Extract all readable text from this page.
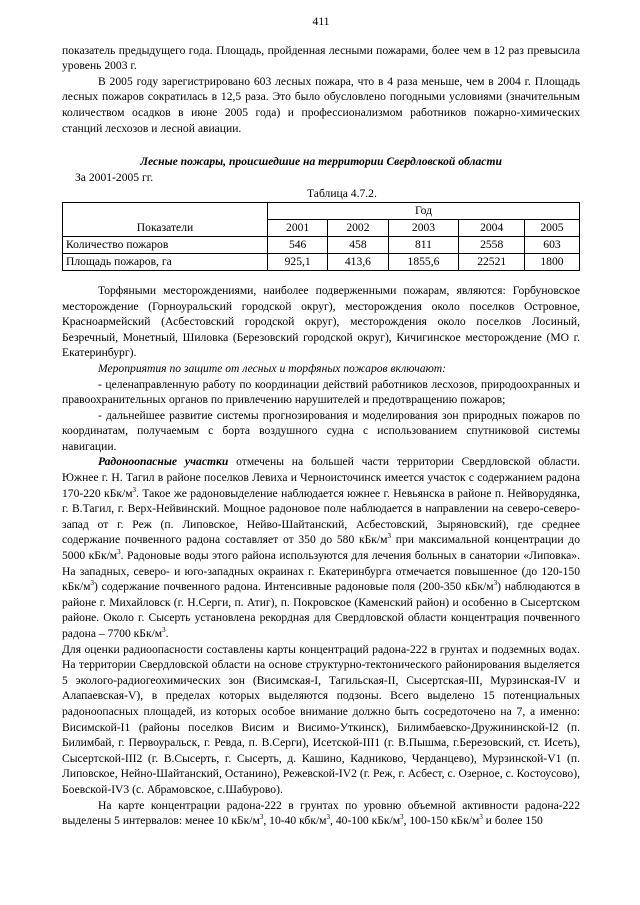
411

показатель предыдущего года. Площадь, пройденная лесными пожарами, более чем в 12 раз превысила уровень 2003 г.

В 2005 году зарегистрировано 603 лесных пожара, что в 4 раза меньше, чем в 2004 г. Площадь лесных пожаров сократилась в 12,5 раза. Это было обусловлено погодными условиями (значительным количеством осадков в июне 2005 года) и профессионализмом работников пожарно-химических станций лесхозов и лесной авиации.

Лесные пожары, происшедшие на территории Свердловской области
За 2001-2005 гг.
Таблица 4.7.2.
Показатели	Год				
	2001	2002	2003	2004	2005
Количество пожаров	546	458	811	2558	603
Площадь пожаров, га	925,1	413,6	1855,6	22521	1800

Торфяными месторождениями, наиболее подверженными пожарам, являются: Горбуновское месторождение (Горноуральский городской округ), месторождения около поселков Островное, Красноармейский (Асбестовский городской округ), месторождения около поселков Лосиный, Безречный, Монетный, Шиловка (Березовский городской округ), Кичигинское месторождение (МО г. Екатеринбург).

Мероприятия по защите от лесных и торфяных пожаров включают:

- целенаправленную работу по координации действий работников лесхозов, природоохранных и правоохранительных органов по привлечению нарушителей и предотвращению пожаров;

- дальнейшее развитие системы прогнозирования и моделирования зон природных пожаров по координатам, получаемым с борта воздушного судна с использованием спутниковой системы навигации.

Радоноопасные участки отмечены на большей части территории Свердловской области. Южнее г. Н. Тагил в районе поселков Левиха и Черноисточинск имеется участок с содержанием радона 170-220 кБк/$м^3$. Такое же радоновыделение наблюдается южнее г. Невьянска в районе п. Нейворудянка, г. В.Тагил, г. Верх-Нейвинский. Мощное радоновое поле наблюдается в направлении на северо-северо-запад от г. Реж (п. Липовское, Нейво-Шайтанский, Асбестовский, Зыряновский), где среднее содержание почвенного радона составляет от 350 до 580 кБк/$м^3$ при максимальной концентрации до 5000 кБк/$м^3$. Радоновые воды этого района используются для лечения больных в санатории «Липовка». На западных, северо- и юго-западных окраинах г. Екатеринбурга отмечается повышенное (до 120-150 кБк/$м^3$) содержание почвенного радона. Интенсивные радоновые поля (200-350 кБк/$м^3$) наблюдаются в районе г. Михайловск (г. Н.Серги, п. Атиг), п. Покровское (Каменский район) и особенно в Сысертском районе. Около г. Сысерть установлена рекордная для Свердловской области концентрация почвенного радона – 7700 кБк/$м^3$.

Для оценки радиоопасности составлены карты концентраций радона-222 в грунтах и подземных водах. На территории Свердловской области на основе структурно-тектонического районирования выделяется 5 эколого-радиогеохимических зон (Висимская-I, Тагильская-II, Сысертская-III, Мурзинская-IV и Алапаевская-V), в пределах которых выделяются подзоны. Всего выделено 15 потенциальных радоноопасных площадей, из которых особое внимание должно быть сосредоточено на 7, а именно: Висимской-I1 (районы поселков Висим и Висимо-Уткинск), Билимбаевско-Дружининской-I2 (п. Билимбай, г. Первоуральск, г. Ревда, п. В.Серги), Исетской-III1 (г. В.Пышма, г.Березовский, ст. Исеть), Сысертской-III2 (г. В.Сысерть, г. Сысерть, д. Кашино, Кадниково, Черданцево), Мурзинской-V1 (п. Липовское, Нейно-Шайтанский, Останино), Режевской-IV2 (г. Реж, г. Асбест, с. Озерное, с. Костоусово), Боевской-IV3 (с. Абрамовское, с.Шабурово).

На карте концентрации радона-222 в грунтах по уровню объемной активности радона-222 выделены 5 интервалов: менее 10 кБк/$м^3$, 10-40 кбк/$м^3$, 40-100 кБк/$м^3$, 100-150 кБк/$м^3$ и более 150
